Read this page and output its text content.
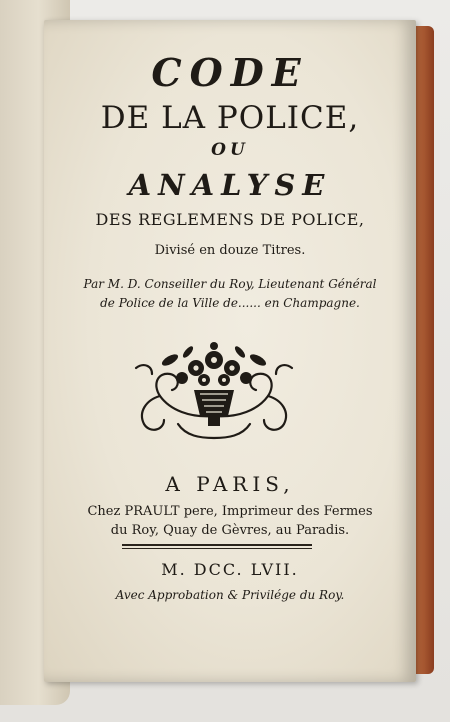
CODE
DE LA POLICE,
OU
ANALYSE
DES REGLEMENS DE POLICE,
Divisé en douze Titres.
Par M. D. Conseiller du Roy, Lieutenant Général
de Police de la Ville de...... en Champagne.
A PARIS,
Chez PRAULT pere, Imprimeur des Fermes
du Roy, Quay de Gèvres, au Paradis.
M. DCC. LVII.
Avec Approbation & Privilége du Roy.
